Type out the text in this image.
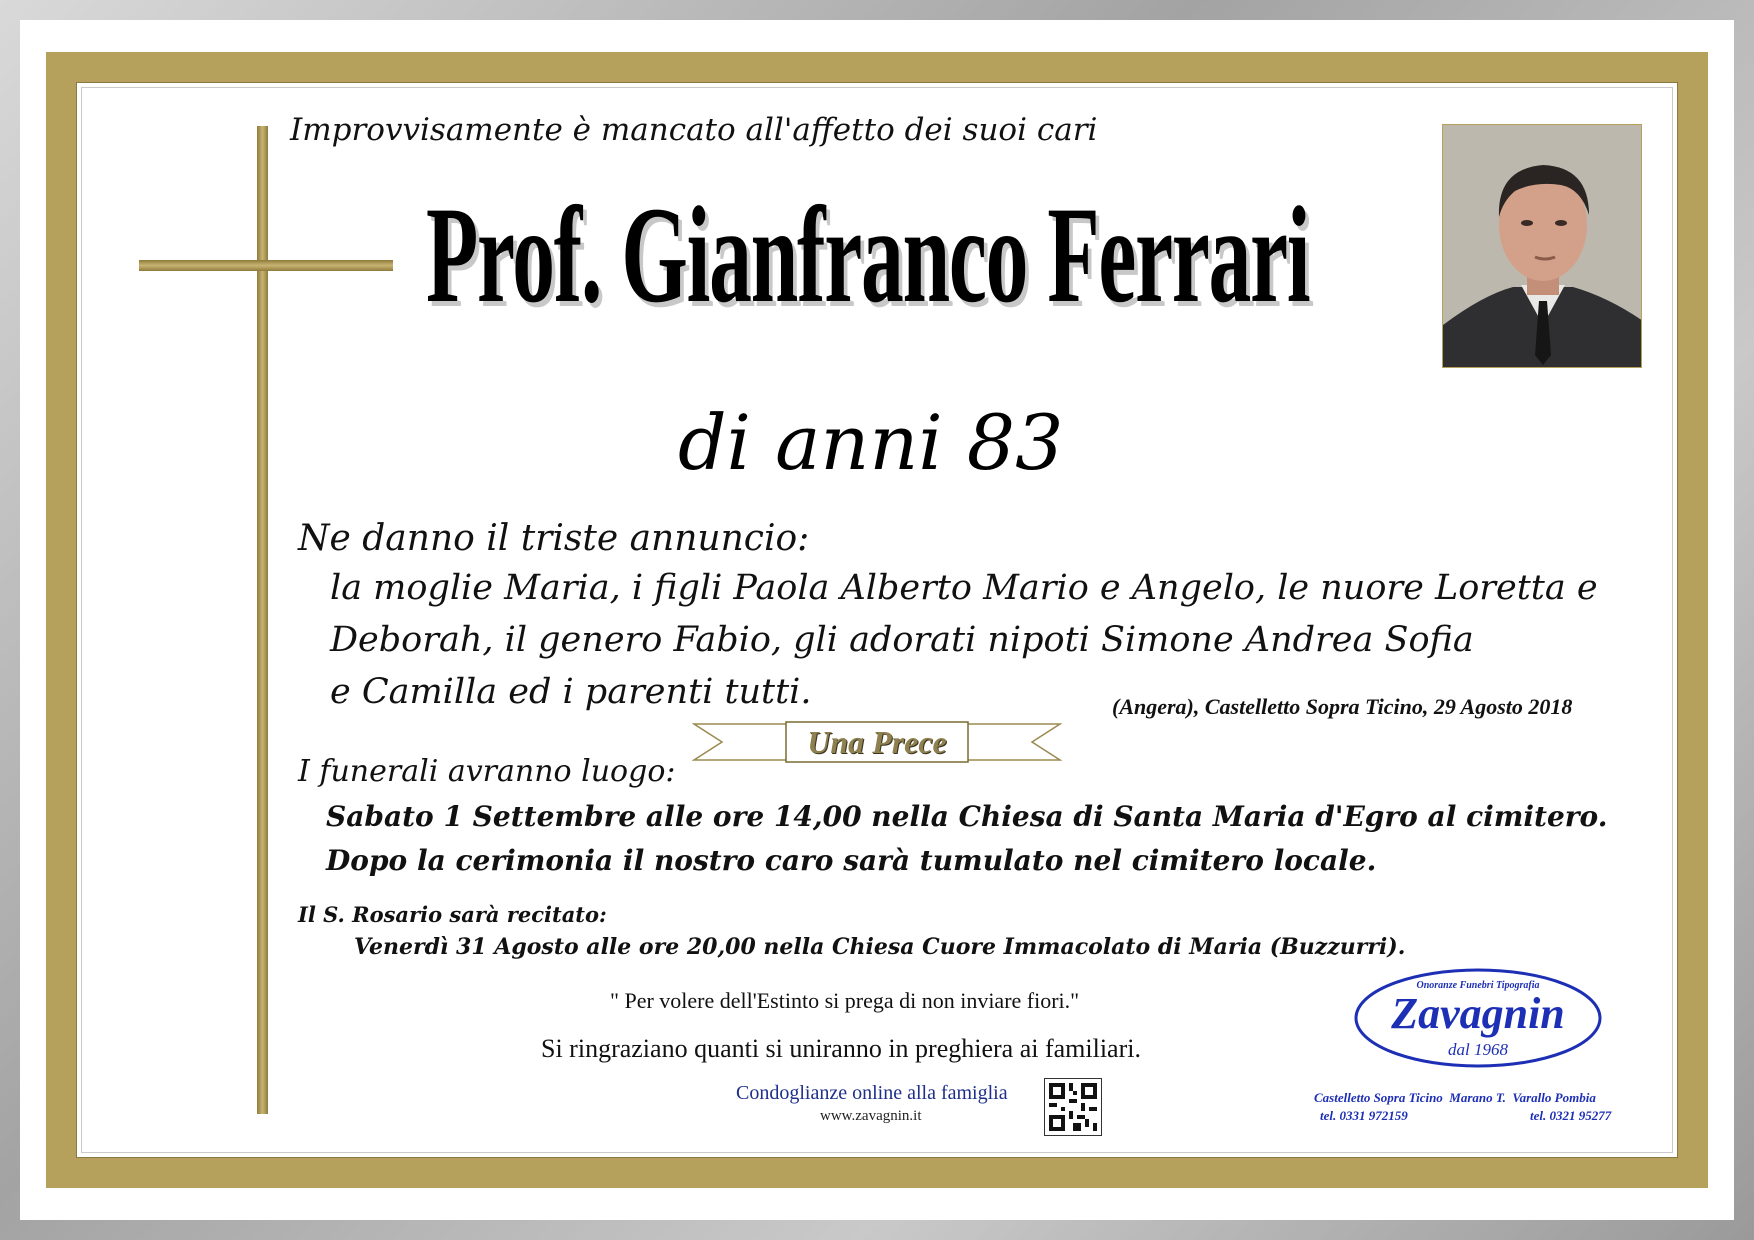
Improvvisamente è mancato all'affetto dei suoi cari
Prof. Gianfranco Ferrari
di anni 83
Ne danno il triste annuncio:
la moglie Maria, i figli Paola Alberto Mario e Angelo, le nuore Loretta e
Deborah, il genero Fabio, gli adorati nipoti Simone Andrea Sofia
e Camilla ed i parenti tutti.	(Angera), Castelletto Sopra Ticino, 29 Agosto 2018
Una Prece
I funerali avranno luogo:
Sabato 1 Settembre alle ore 14,00 nella Chiesa di Santa Maria d'Egro al cimitero.
Dopo la cerimonia il nostro caro sarà tumulato nel cimitero locale.
Il S. Rosario sarà recitato:
Venerdì 31 Agosto alle ore 20,00 nella Chiesa Cuore Immacolato di Maria (Buzzurri).
" Per volere dell'Estinto si prega di non inviare fiori."
Si ringraziano quanti si uniranno in preghiera ai familiari.
Condoglianze online alla famiglia
www.zavagnin.it
Onoranze Funebri Tipografia
Zavagnin
dal 1968
Castelletto Sopra Ticino  Marano T.  Varallo Pombia
tel. 0331 972159	tel. 0321 95277
